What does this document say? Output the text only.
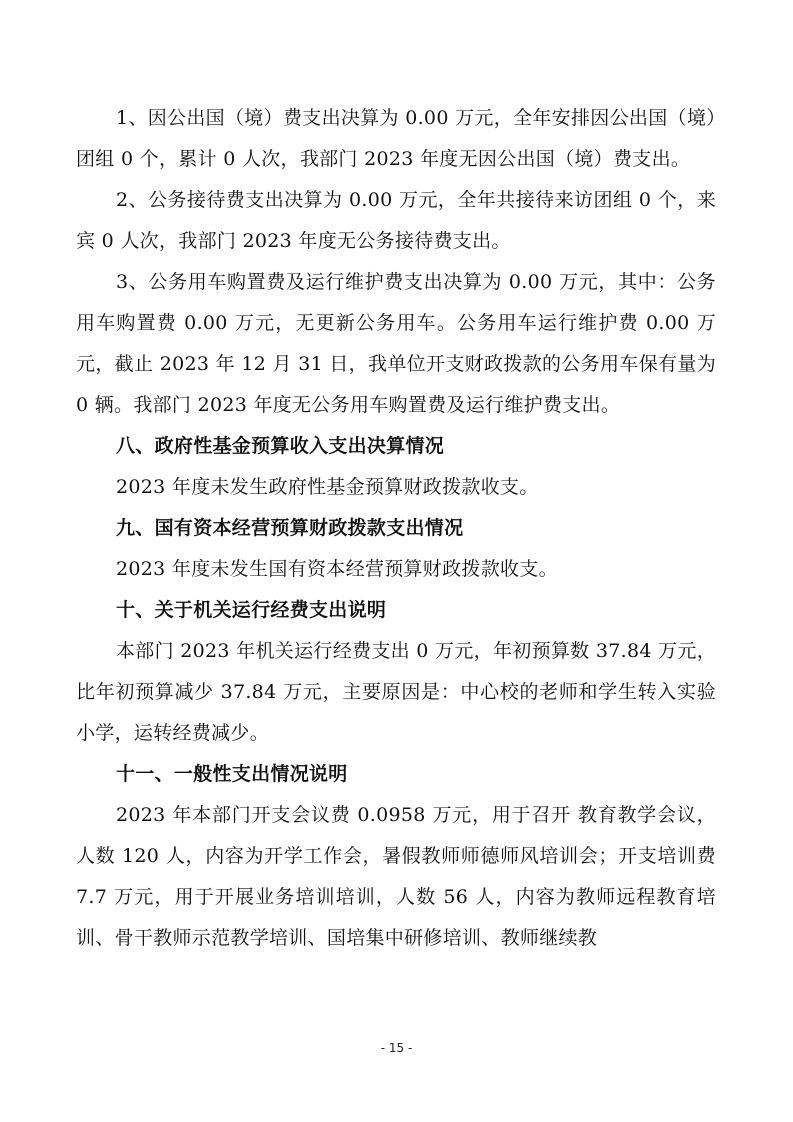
1、因公出国（境）费支出决算为 0.00 万元，全年安排因公出国（境）团组 0 个，累计 0 人次，我部门 2023 年度无因公出国（境）费支出。

2、公务接待费支出决算为 0.00 万元，全年共接待来访团组 0 个，来宾 0 人次，我部门 2023 年度无公务接待费支出。

3、公务用车购置费及运行维护费支出决算为 0.00 万元，其中：公务用车购置费 0.00 万元，无更新公务用车。公务用车运行维护费 0.00 万元，截止 2023 年 12 月 31 日，我单位开支财政拨款的公务用车保有量为 0 辆。我部门 2023 年度无公务用车购置费及运行维护费支出。

八、政府性基金预算收入支出决算情况

2023 年度未发生政府性基金预算财政拨款收支。

九、国有资本经营预算财政拨款支出情况

2023 年度未发生国有资本经营预算财政拨款收支。

十、关于机关运行经费支出说明

本部门 2023 年机关运行经费支出 0 万元，年初预算数 37.84 万元，比年初预算减少 37.84 万元，主要原因是：中心校的老师和学生转入实验小学，运转经费减少。

十一、一般性支出情况说明

2023 年本部门开支会议费 0.0958 万元，用于召开 教育教学会议，人数 120 人，内容为开学工作会，暑假教师师德师风培训会；开支培训费 7.7 万元，用于开展业务培训培训，人数 56 人，内容为教师远程教育培训、骨干教师示范教学培训、国培集中研修培训、教师继续教

- 15 -
